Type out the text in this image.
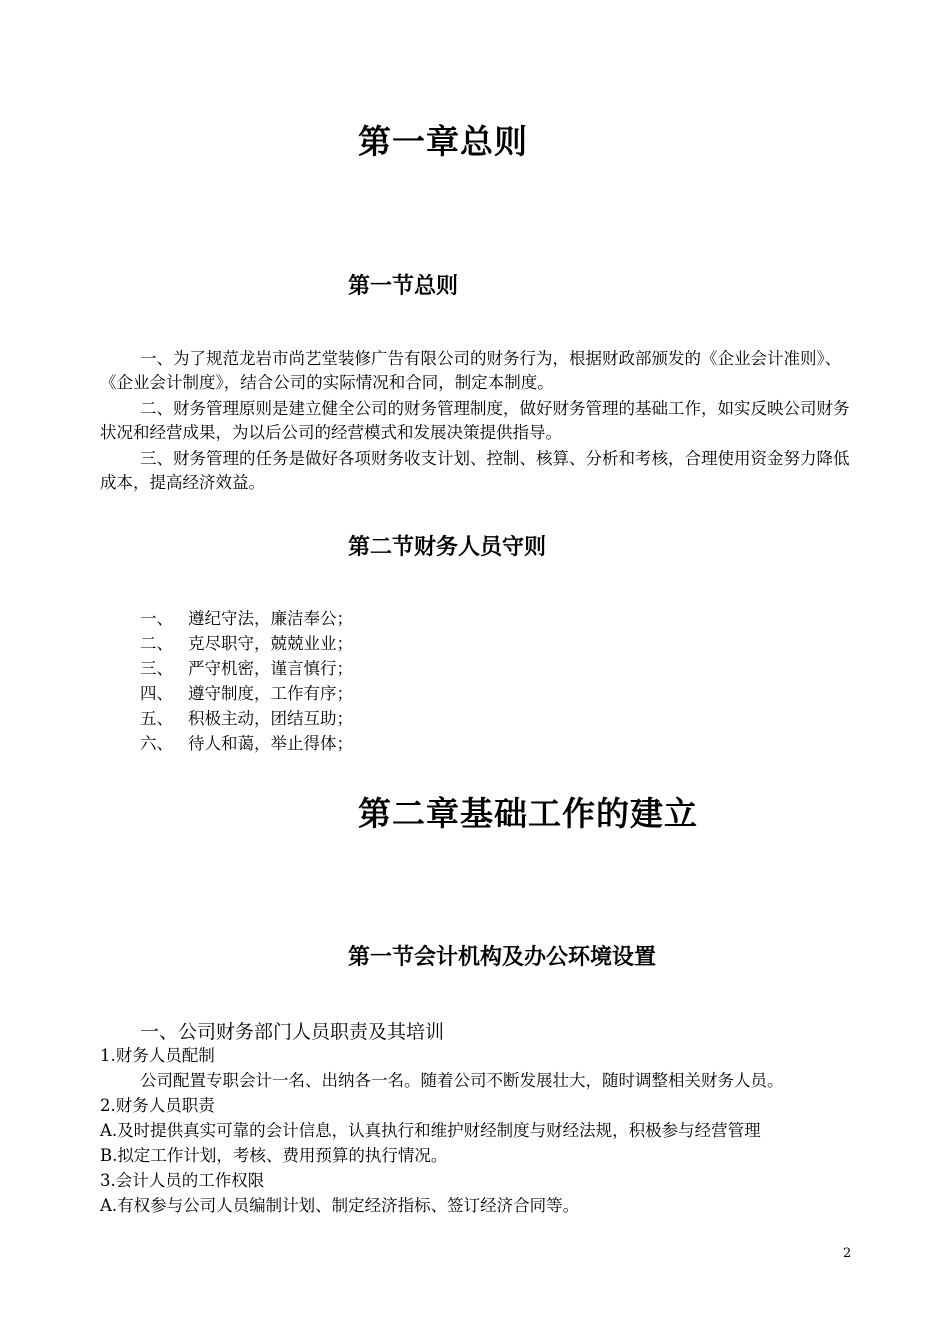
第一章总则
第一节总则

一、为了规范龙岩市尚艺堂装修广告有限公司的财务行为，根据财政部颁发的《企业会计准则》、《企业会计制度》，结合公司的实际情况和合同，制定本制度。

二、财务管理原则是建立健全公司的财务管理制度，做好财务管理的基础工作，如实反映公司财务状况和经营成果，为以后公司的经营模式和发展决策提供指导。

三、财务管理的任务是做好各项财务收支计划、控制、核算、分析和考核，合理使用资金努力降低成本，提高经济效益。

第二节财务人员守则
一、 遵纪守法，廉洁奉公；
二、 克尽职守，兢兢业业；
三、 严守机密，谨言慎行；
四、 遵守制度，工作有序；
五、 积极主动，团结互助；
六、 待人和蔼，举止得体；
第二章基础工作的建立
第一节会计机构及办公环境设置
一、公司财务部门人员职责及其培训
1.财务人员配制
公司配置专职会计一名、出纳各一名。随着公司不断发展壮大，随时调整相关财务人员。
2.财务人员职责
A.及时提供真实可靠的会计信息，认真执行和维护财经制度与财经法规，积极参与经营管理
B.拟定工作计划，考核、费用预算的执行情况。
3.会计人员的工作权限
A.有权参与公司人员编制计划、制定经济指标、签订经济合同等。
2
